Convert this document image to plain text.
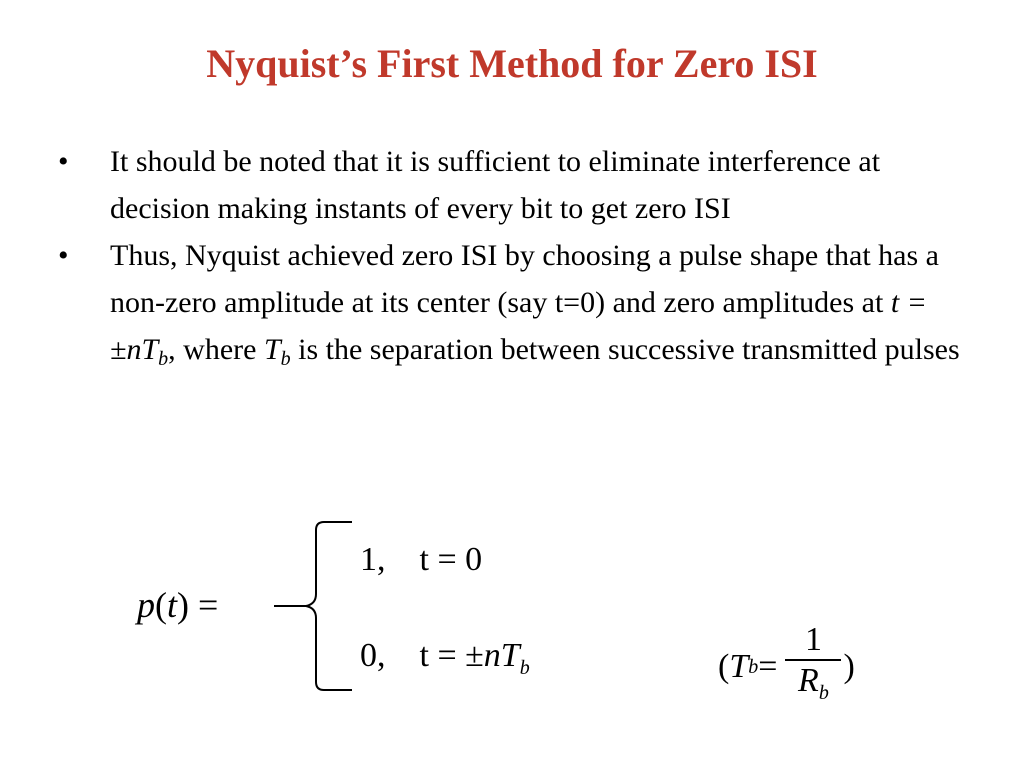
Nyquist’s First Method for Zero ISI
•	It should be noted that it is sufficient to eliminate interference at decision making instants of every bit to get zero ISI
•	Thus, Nyquist achieved zero ISI by choosing a pulse shape that has a non-zero amplitude at its center (say t=0) and zero amplitudes at $t = \pm nT_b$, where $T_b$ is the separation between successive transmitted pulses
p(t) =
1, t = 0
0, $t = \pm nT_b$	( T $b = \frac{1}{R_b}$ )
